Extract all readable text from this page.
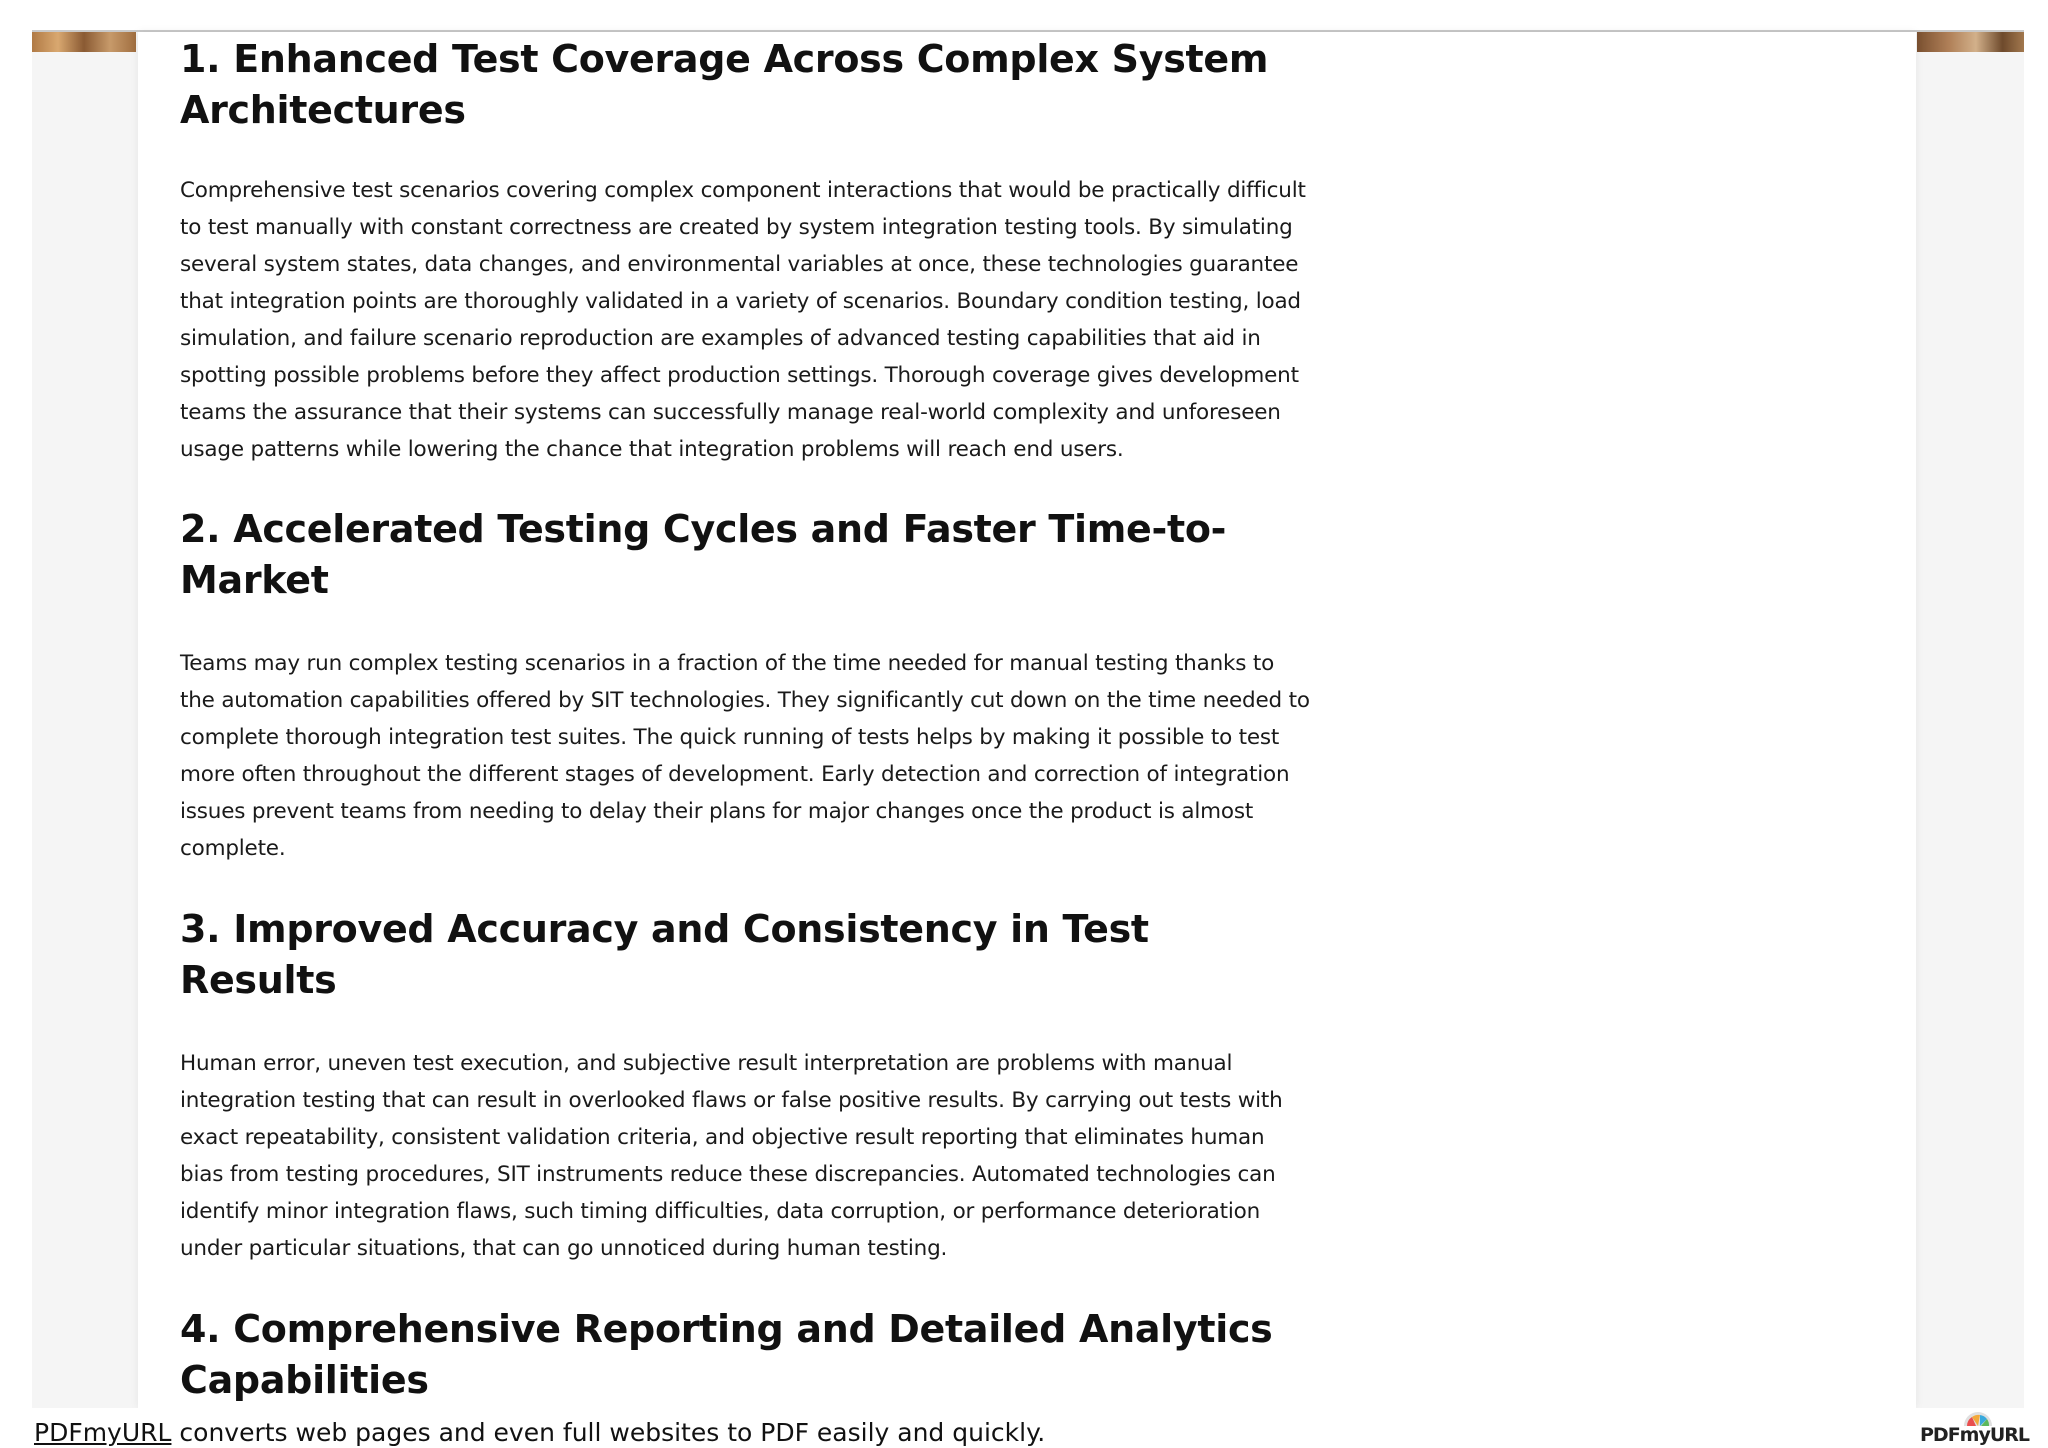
1. Enhanced Test Coverage Across Complex System Architectures

Comprehensive test scenarios covering complex component interactions that would be practically difficult to test manually with constant correctness are created by system integration testing tools. By simulating several system states, data changes, and environmental variables at once, these technologies guarantee that integration points are thoroughly validated in a variety of scenarios. Boundary condition testing, load simulation, and failure scenario reproduction are examples of advanced testing capabilities that aid in spotting possible problems before they affect production settings. Thorough coverage gives development teams the assurance that their systems can successfully manage real-world complexity and unforeseen usage patterns while lowering the chance that integration problems will reach end users.

2. Accelerated Testing Cycles and Faster Time-to-Market

Teams may run complex testing scenarios in a fraction of the time needed for manual testing thanks to the automation capabilities offered by SIT technologies. They significantly cut down on the time needed to complete thorough integration test suites. The quick running of tests helps by making it possible to test more often throughout the different stages of development. Early detection and correction of integration issues prevent teams from needing to delay their plans for major changes once the product is almost complete.

3. Improved Accuracy and Consistency in Test Results

Human error, uneven test execution, and subjective result interpretation are problems with manual integration testing that can result in overlooked flaws or false positive results. By carrying out tests with exact repeatability, consistent validation criteria, and objective result reporting that eliminates human bias from testing procedures, SIT instruments reduce these discrepancies. Automated technologies can identify minor integration flaws, such timing difficulties, data corruption, or performance deterioration under particular situations, that can go unnoticed during human testing.

4. Comprehensive Reporting and Detailed Analytics Capabilities
PDFmyURL converts web pages and even full websites to PDF easily and quickly.	PDFmyURL
